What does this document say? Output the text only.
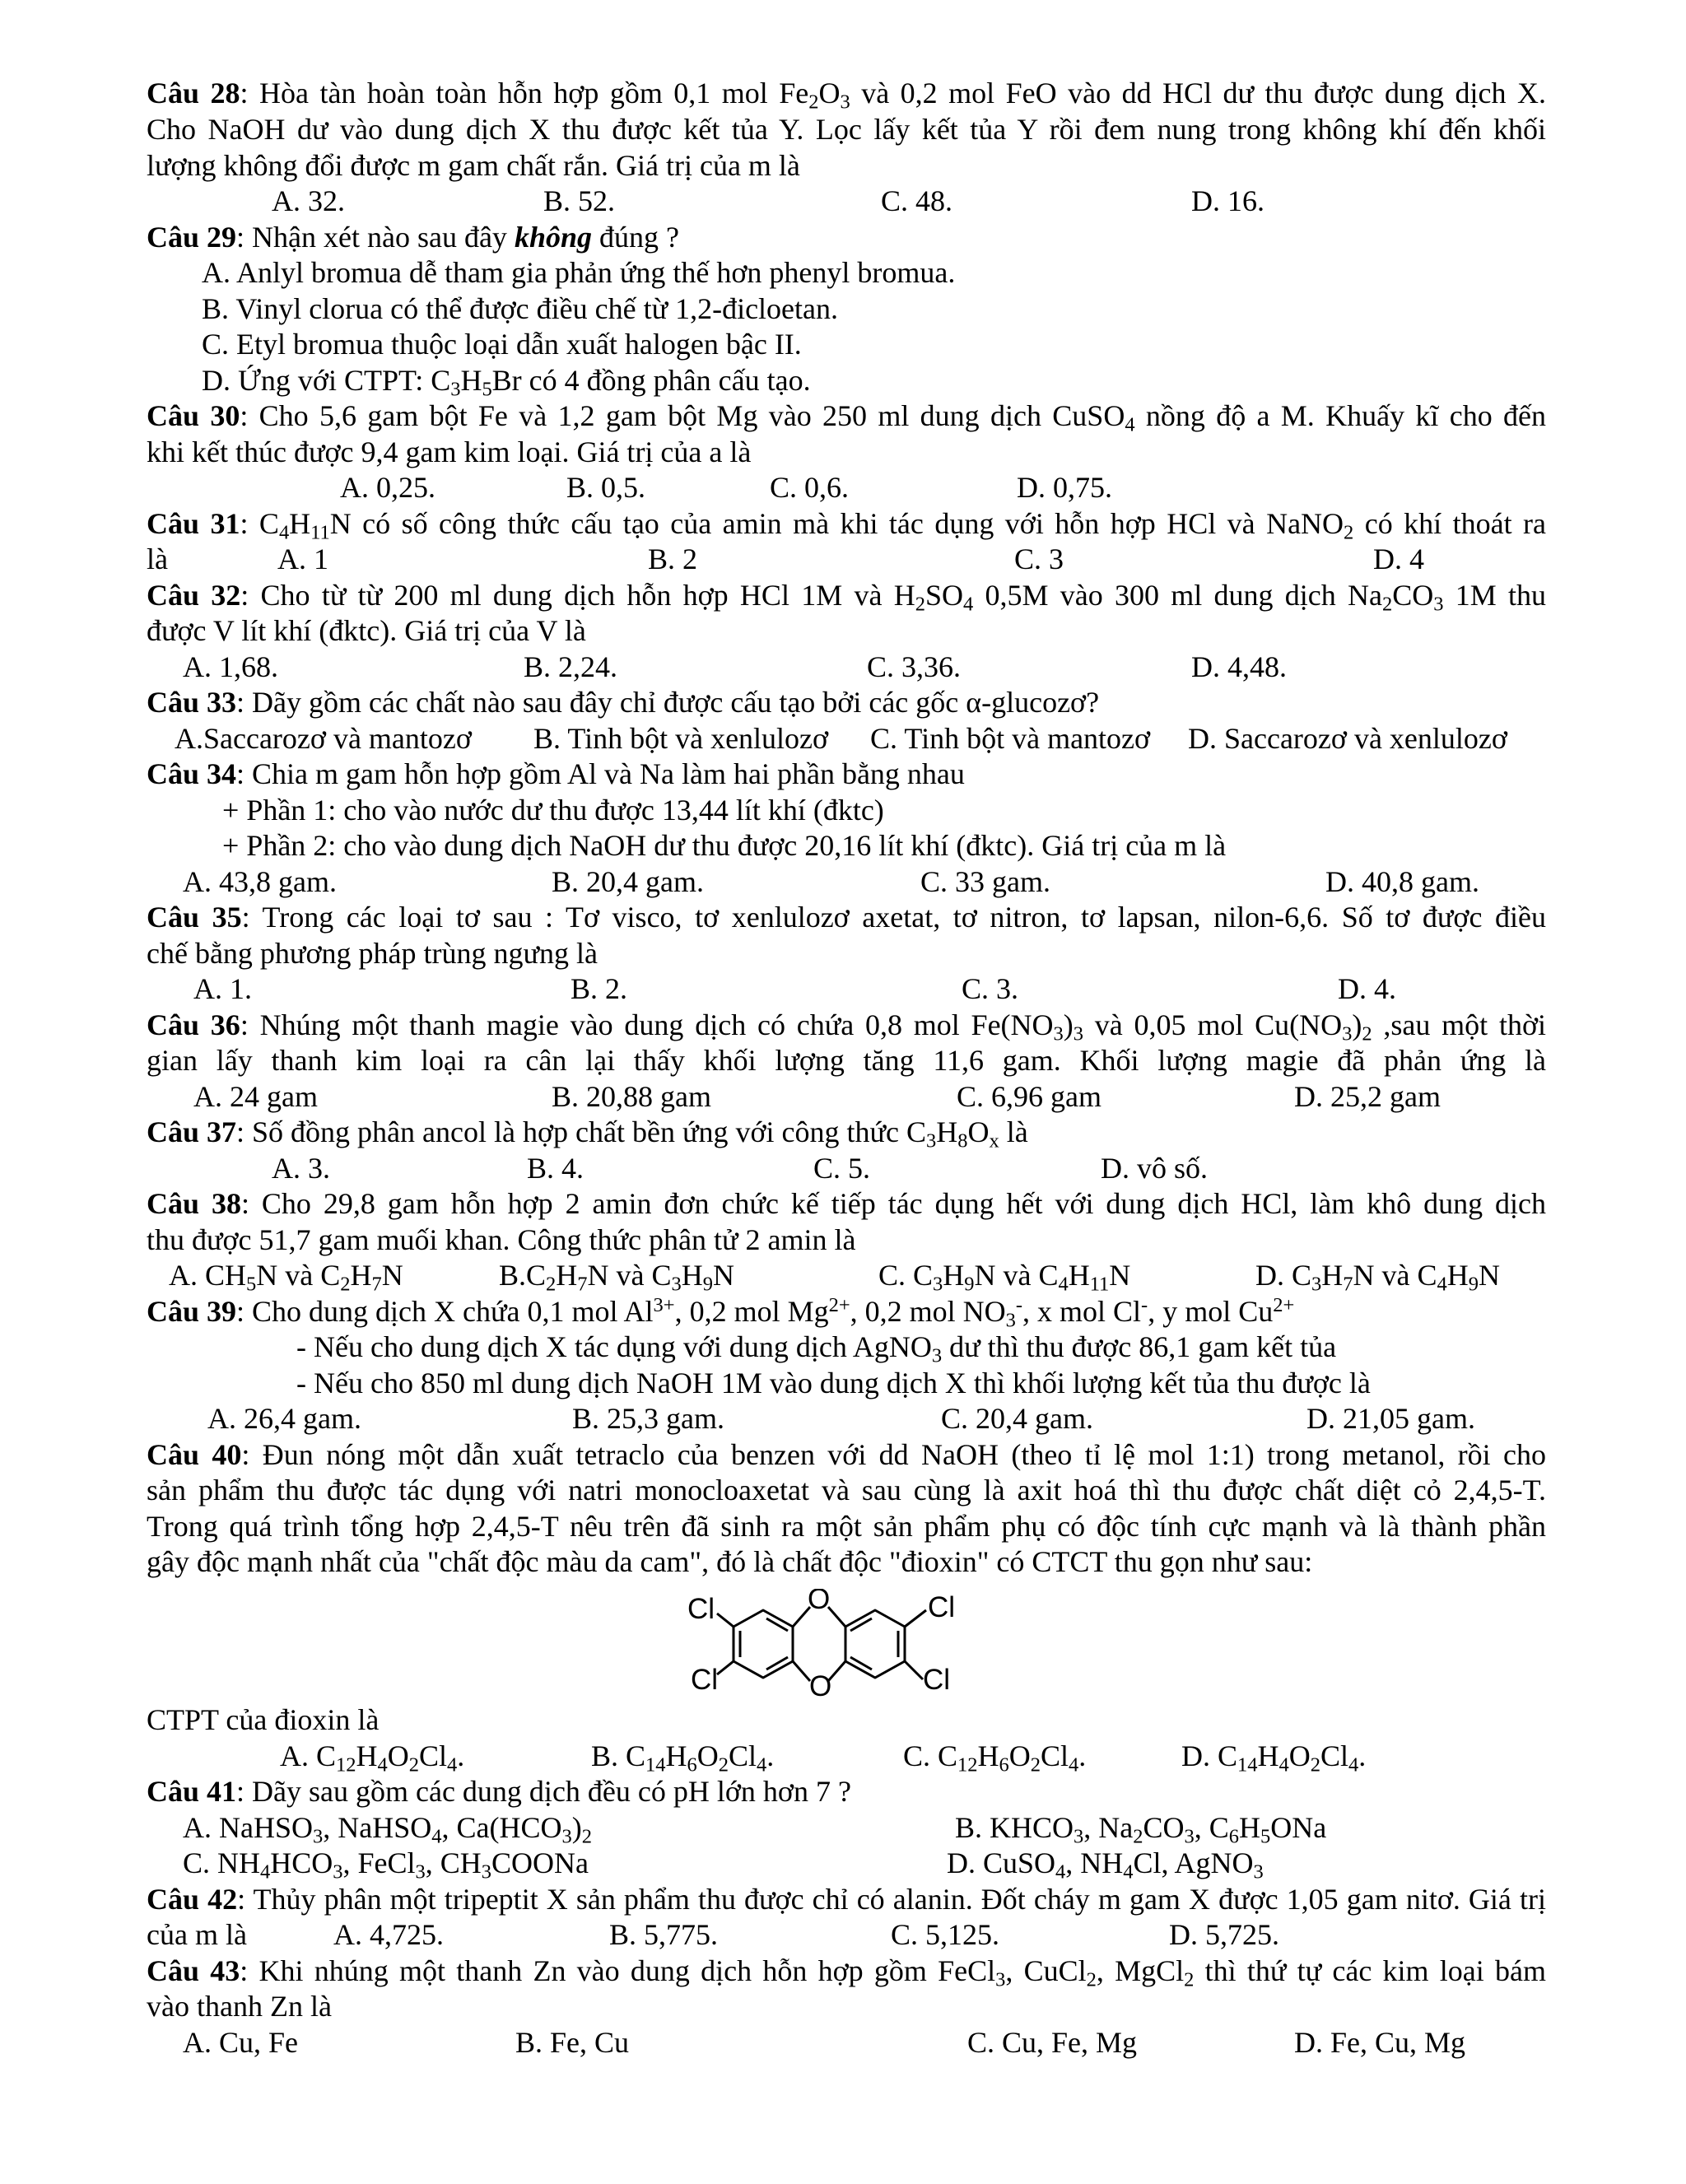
Câu 28: Hòa tàn hoàn toàn hỗn hợp gồm 0,1 mol $Fe_2O_3$ và 0,2 mol FeO vào dd HCl dư thu được dung dịch X.
Cho NaOH dư vào dung dịch X thu được kết tủa Y. Lọc lấy kết tủa Y rồi đem nung trong không khí đến khối
lượng không đổi được m gam chất rắn. Giá trị của m là
A. 32.	B. 52.	C. 48.	D. 16.
Câu 29: Nhận xét nào sau đây không đúng ?
A. Anlyl bromua dễ tham gia phản ứng thế hơn phenyl bromua.
B. Vinyl clorua có thể được điều chế từ 1,2-đicloetan.
C. Etyl bromua thuộc loại dẫn xuất halogen bậc II.
D. Ứng với CTPT: $C_3H_5Br$ có 4 đồng phân cấu tạo.
Câu 30: Cho 5,6 gam bột Fe và 1,2 gam bột Mg vào 250 ml dung dịch CuSO$_4$ nồng độ a M. Khuấy kĩ cho đến
khi kết thúc được 9,4 gam kim loại. Giá trị của a là
A. 0,25.	B. 0,5.	C. 0,6.	D. 0,75.
Câu 31: $C_4H_{11}N$ có số công thức cấu tạo của amin mà khi tác dụng với hỗn hợp HCl và NaNO$_2$ có khí thoát ra
là	A. 1	B. 2	C. 3	D. 4
Câu 32: Cho từ từ 200 ml dung dịch hỗn hợp HCl 1M và $H_2SO_4$ 0,5M vào 300 ml dung dịch $Na_2CO_3$ 1M thu
được V lít khí (đktc). Giá trị của V là
A. 1,68.	B. 2,24.	C. 3,36.	D. 4,48.
Câu 33: Dãy gồm các chất nào sau đây chỉ được cấu tạo bởi các gốc α-glucozơ?
A.Saccarozơ và mantozơ B. Tinh bột và xenlulozơ C. Tinh bột và mantozơ D. Saccarozơ và xenlulozơ
Câu 34: Chia m gam hỗn hợp gồm Al và Na làm hai phần bằng nhau
+ Phần 1: cho vào nước dư thu được 13,44 lít khí (đktc)
+ Phần 2: cho vào dung dịch NaOH dư thu được 20,16 lít khí (đktc). Giá trị của m là
A. 43,8 gam.	B. 20,4 gam.	C. 33 gam.	D. 40,8 gam.
Câu 35: Trong các loại tơ sau : Tơ visco, tơ xenlulozơ axetat, tơ nitron, tơ lapsan, nilon-6,6. Số tơ được điều
chế bằng phương pháp trùng ngưng là
A. 1.	B. 2.	C. 3.	D. 4.
Câu 36: Nhúng một thanh magie vào dung dịch có chứa 0,8 mol $Fe(NO_3)_3$ và 0,05 mol $Cu(NO_3)_2$ ,sau một thời
gian lấy thanh kim loại ra cân lại thấy khối lượng tăng 11,6 gam. Khối lượng magie đã phản ứng là
A. 24 gam	B. 20,88 gam	C. 6,96 gam	D. 25,2 gam
Câu 37: Số đồng phân ancol là hợp chất bền ứng với công thức $C_3H_8O_x$ là
A. 3.	B. 4.	C. 5.	D. vô số.
Câu 38: Cho 29,8 gam hỗn hợp 2 amin đơn chức kế tiếp tác dụng hết với dung dịch HCl, làm khô dung dịch
thu được 51,7 gam muối khan. Công thức phân tử 2 amin là
A. $CH_5N$ và $C_2H_7N$	$B.C_2H_7N$ và $C_3H_9N$	C. $C_3H_9N$ và $C_4H_{11}N$	D. $C_3H_7N$ và $C_4H_9N$
Câu 39: Cho dung dịch X chứa 0,1 mol $Al^{3+}$, 0,2 mol $Mg^{2+}$, 0,2 mol $NO_3^-$, x mol Cl-, y mol $Cu^{2+}$
- Nếu cho dung dịch X tác dụng với dung dịch AgNO$_3$ dư thì thu được 86,1 gam kết tủa
- Nếu cho 850 ml dung dịch NaOH 1M vào dung dịch X thì khối lượng kết tủa thu được là
A. 26,4 gam.	B. 25,3 gam.	C. 20,4 gam.	D. 21,05 gam.
Câu 40: Đun nóng một dẫn xuất tetraclo của benzen với dd NaOH (theo tỉ lệ mol 1:1) trong metanol, rồi cho
sản phẩm thu được tác dụng với natri monocloaxetat và sau cùng là axit hoá thì thu được chất diệt cỏ 2,4,5-T.
Trong quá trình tổng hợp 2,4,5-T nêu trên đã sinh ra một sản phẩm phụ có độc tính cực mạnh và là thành phần
gây độc mạnh nhất của "chất độc màu da cam", đó là chất độc "đioxin" có CTCT thu gọn như sau:
O
O
Cl
Cl
Cl
Cl
CTPT của đioxin là
A. $C_{12}H_4O_2Cl_4$.	B. $C_{14}H_6O_2Cl_4$.	C. $C_{12}H_6O_2Cl_4$.	D. $C_{14}H_4O_2Cl_4$.
Câu 41: Dãy sau gồm các dung dịch đều có pH lớn hơn 7 ?
A. NaHSO$_3$, NaHSO$_4$, $Ca(HCO_3)_2$	B. $KHCO_3$, $Na_2CO_3$, $C_6H_5ONa$
C. $NH_4HCO_3$, FeCl$_3$, $CH_3COONa$	D. CuSO$_4$, $NH_4Cl$, AgNO$_3$
Câu 42: Thủy phân một tripeptit X sản phẩm thu được chỉ có alanin. Đốt cháy m gam X được 1,05 gam nitơ. Giá trị
của m là	A. 4,725.	B. 5,775.	C. 5,125.	D. 5,725.
Câu 43: Khi nhúng một thanh Zn vào dung dịch hỗn hợp gồm FeCl$_3$, CuCl$_2$, MgCl$_2$ thì thứ tự các kim loại bám
vào thanh Zn là
A. Cu, Fe	B. Fe, Cu	C. Cu, Fe, Mg	D. Fe, Cu, Mg
